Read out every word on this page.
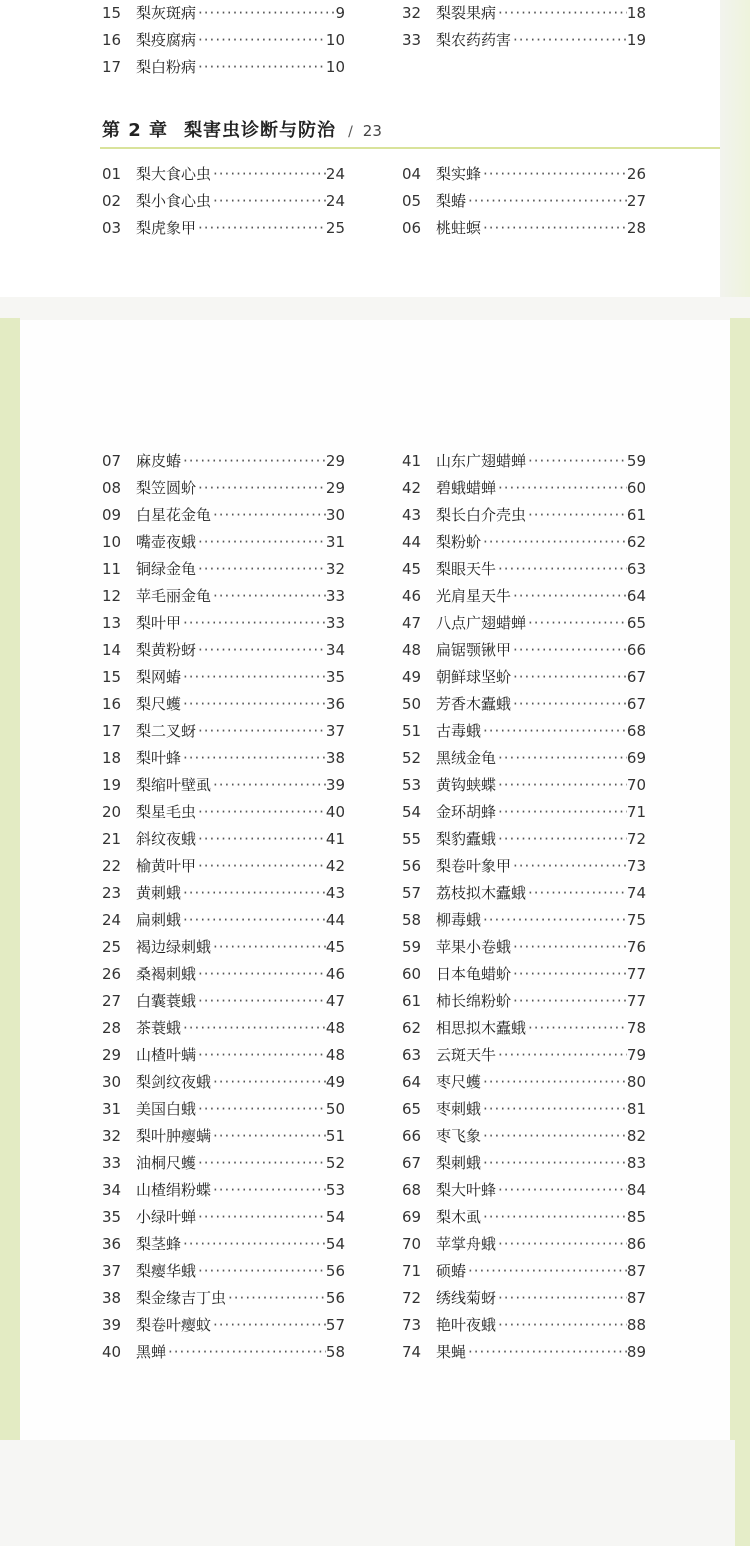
15 梨灰斑病 ·····	9
16 梨疫腐病 ·····	10
17 梨白粉病 ·····	10
32 梨裂果病 ·····	18
33 梨农药药害 ·····	19
第 2 章 梨害虫诊断与防治 / 23
01 梨大食心虫 ·····	24
02 梨小食心虫 ·····	24
03 梨虎象甲 ·····	25
04 梨实蜂 ·····	26
05 梨蝽 ·····	27
06 桃蛀螟 ·····	28
07 麻皮蝽 ·····	29
08 梨笠圆蚧 ·····	29
09 白星花金龟 ·····	30
10 嘴壶夜蛾 ·····	31
11 铜绿金龟 ·····	32
12 苹毛丽金龟 ·····	33
13 梨叶甲 ·····	33
14 梨黄粉蚜 ·····	34
15 梨网蝽 ·····	35
16 梨尺蠖 ·····	36
17 梨二叉蚜 ·····	37
18 梨叶蜂 ·····	38
19 梨缩叶壁虱 ·····	39
20 梨星毛虫 ·····	40
21 斜纹夜蛾 ·····	41
22 榆黄叶甲 ·····	42
23 黄刺蛾 ·····	43
24 扁刺蛾 ·····	44
25 褐边绿刺蛾 ·····	45
26 桑褐刺蛾 ·····	46
27 白囊蓑蛾 ·····	47
28 茶蓑蛾 ·····	48
29 山楂叶螨 ·····	48
30 梨剑纹夜蛾 ·····	49
31 美国白蛾 ·····	50
32 梨叶肿瘿螨 ·····	51
33 油桐尺蠖 ·····	52
34 山楂绢粉蝶 ·····	53
35 小绿叶蝉 ·····	54
36 梨茎蜂 ·····	54
37 梨瘿华蛾 ·····	56
38 梨金缘吉丁虫 ·····	56
39 梨卷叶瘿蚊 ·····	57
40 黑蝉 ·····	58
41 山东广翅蜡蝉 ·····	59
42 碧蛾蜡蝉 ·····	60
43 梨长白介壳虫 ·····	61
44 梨粉蚧 ·····	62
45 梨眼天牛 ·····	63
46 光肩星天牛 ·····	64
47 八点广翅蜡蝉 ·····	65
48 扁锯颚锹甲 ·····	66
49 朝鲜球坚蚧 ·····	67
50 芳香木蠹蛾 ·····	67
51 古毒蛾 ·····	68
52 黑绒金龟 ·····	69
53 黄钩蛱蝶 ·····	70
54 金环胡蜂 ·····	71
55 梨豹蠹蛾 ·····	72
56 梨卷叶象甲 ·····	73
57 荔枝拟木蠹蛾 ·····	74
58 柳毒蛾 ·····	75
59 苹果小卷蛾 ·····	76
60 日本龟蜡蚧 ·····	77
61 柿长绵粉蚧 ·····	77
62 相思拟木蠹蛾 ·····	78
63 云斑天牛 ·····	79
64 枣尺蠖 ·····	80
65 枣刺蛾 ·····	81
66 枣飞象 ·····	82
67 梨刺蛾 ·····	83
68 梨大叶蜂 ·····	84
69 梨木虱 ·····	85
70 苹掌舟蛾 ·····	86
71 硕蝽 ·····	87
72 绣线菊蚜 ·····	87
73 艳叶夜蛾 ·····	88
74 果蝇 ·····	89
